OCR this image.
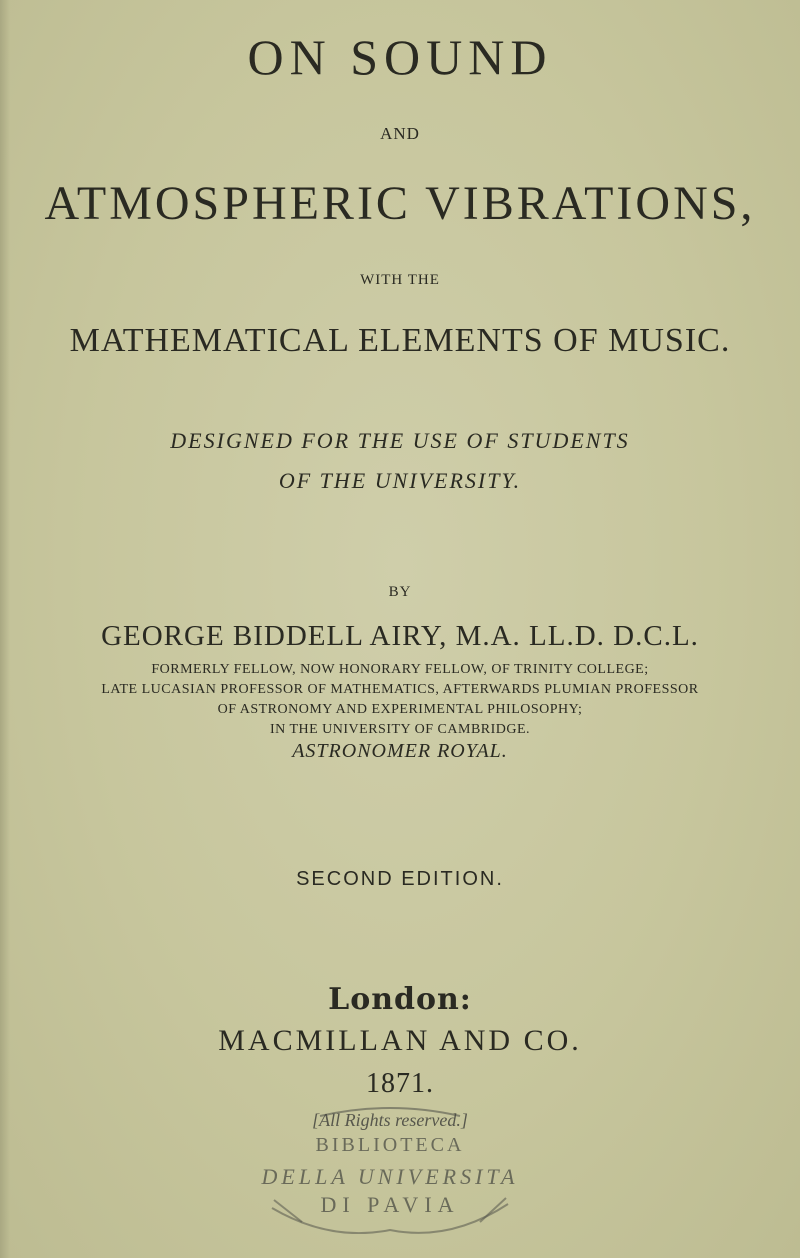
ON SOUND
AND
ATMOSPHERIC VIBRATIONS,
WITH THE
MATHEMATICAL ELEMENTS OF MUSIC.
DESIGNED FOR THE USE OF STUDENTS
OF THE UNIVERSITY.
BY
GEORGE BIDDELL AIRY, M.A. LL.D. D.C.L.
FORMERLY FELLOW, NOW HONORARY FELLOW, OF TRINITY COLLEGE;
LATE LUCASIAN PROFESSOR OF MATHEMATICS, AFTERWARDS PLUMIAN PROFESSOR
OF ASTRONOMY AND EXPERIMENTAL PHILOSOPHY;
IN THE UNIVERSITY OF CAMBRIDGE.
ASTRONOMER ROYAL.
SECOND EDITION.
London:
MACMILLAN AND CO.
1871.
[All Rights reserved.]
BIBLIOTECA
DELLA UNIVERSITA
DI PAVIA
